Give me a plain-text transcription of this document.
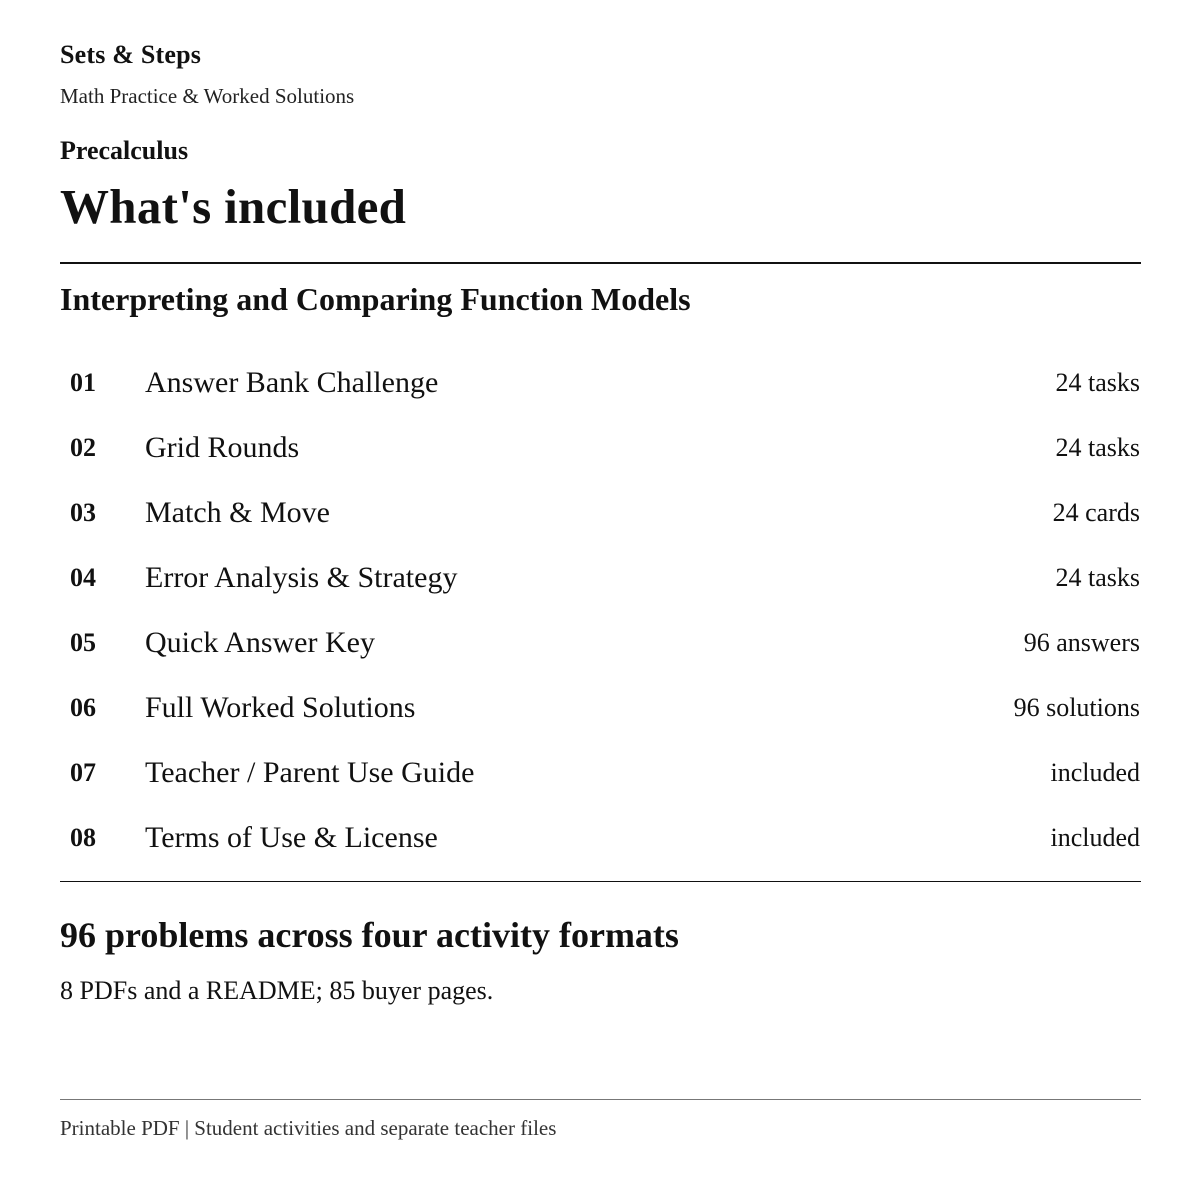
Sets & Steps
Math Practice & Worked Solutions
Precalculus
What's included
Interpreting and Comparing Function Models
01 Answer Bank Challenge	24 tasks
02 Grid Rounds	24 tasks
03 Match & Move	24 cards
04 Error Analysis & Strategy	24 tasks
05 Quick Answer Key	96 answers
06 Full Worked Solutions	96 solutions
07 Teacher / Parent Use Guide	included
08 Terms of Use & License	included
96 problems across four activity formats

8 PDFs and a README; 85 buyer pages.

Printable PDF | Student activities and separate teacher files
